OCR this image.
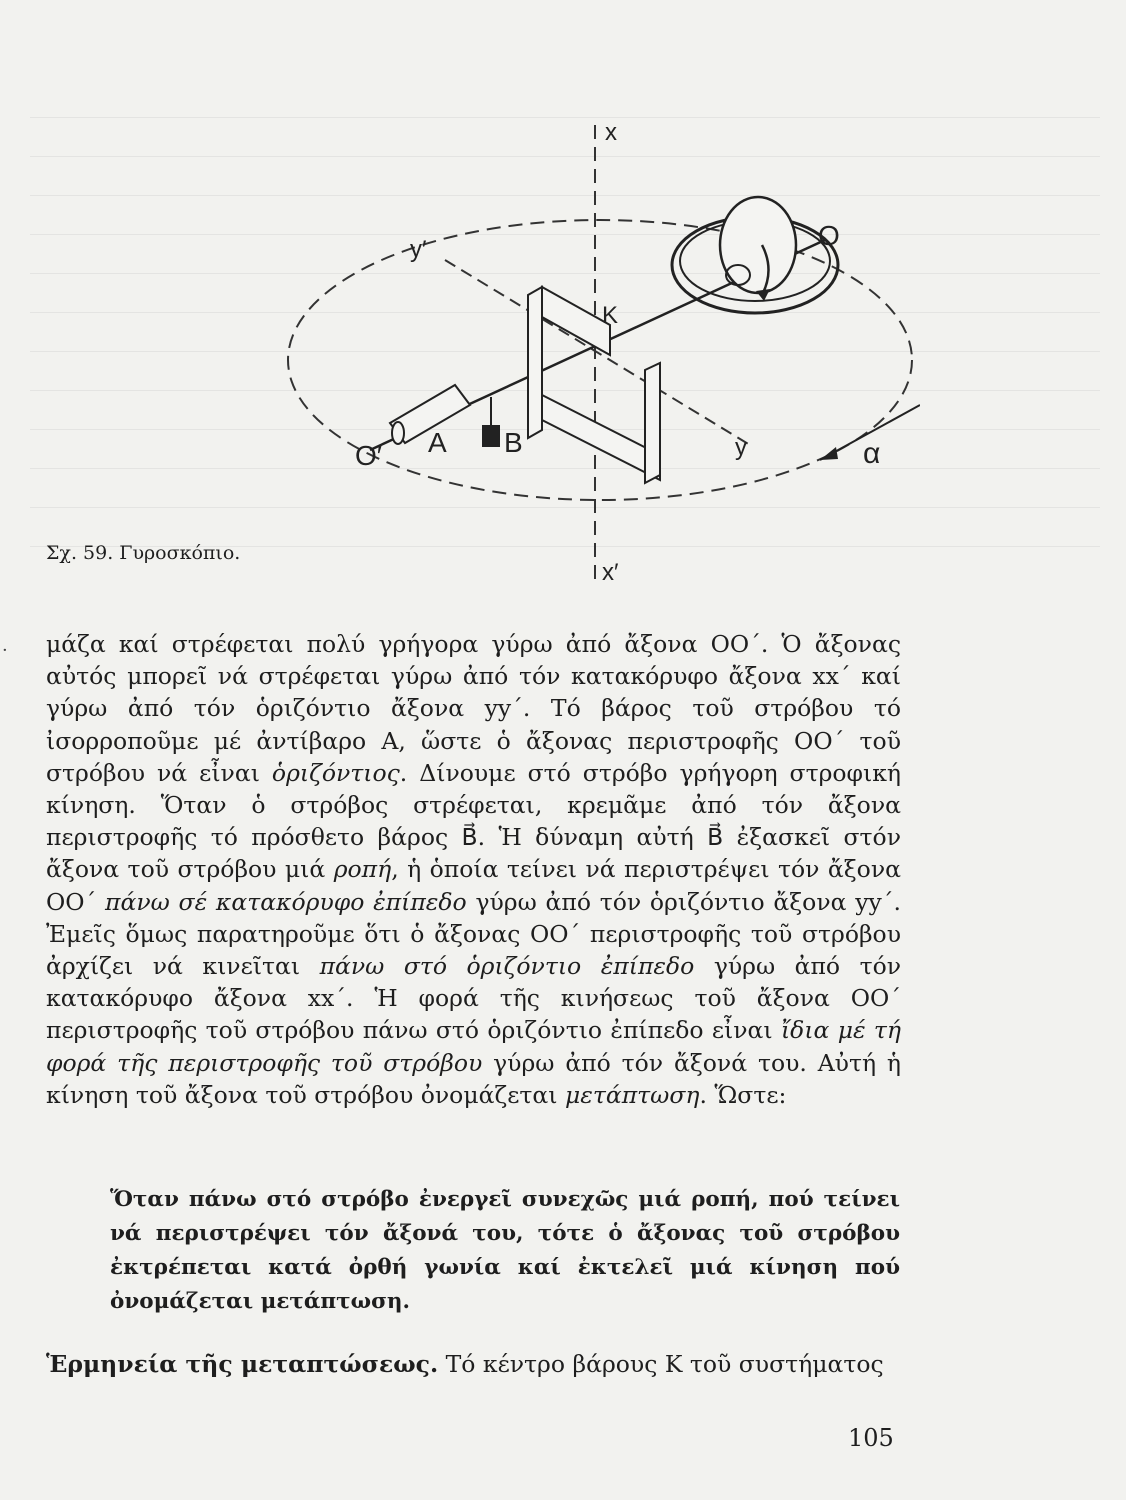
·
x
x′
y′
y
O
O′
K
A B	α
Σχ. 59. Γυροσκόπιο.

μάζα καί στρέφεται πολύ γρήγορα γύρω ἀπό ἄξονα ΟΟ΄. Ὁ ἄξονας αὐτός μπορεῖ νά στρέφεται γύρω ἀπό τόν κατακόρυφο ἄξονα xx΄ καί γύρω ἀπό τόν ὁριζόντιο ἄξονα yy΄. Τό βάρος τοῦ στρόβου τό ἰσορροποῦμε μέ ἀντίβαρο Α, ὥστε ὁ ἄξονας περιστροφῆς ΟΟ΄ τοῦ στρόβου νά εἶναι ὁριζόντιος. Δίνουμε στό στρόβο γρήγορη στροφική κίνηση. Ὅταν ὁ στρόβος στρέφεται, κρεμᾶμε ἀπό τόν ἄξονα περιστροφῆς τό πρόσθετο βάρος B⃗. Ἡ δύναμη αὐτή B⃗ ἐξασκεῖ στόν ἄξονα τοῦ στρόβου μιά ροπή, ἡ ὁποία τείνει νά περιστρέψει τόν ἄξονα ΟΟ΄ πάνω σέ κατακόρυφο ἐπίπεδο γύρω ἀπό τόν ὁριζόντιο ἄξονα yy΄. Ἐμεῖς ὅμως παρατηροῦμε ὅτι ὁ ἄξονας ΟΟ΄ περιστροφῆς τοῦ στρόβου ἀρχίζει νά κινεῖται πάνω στό ὁριζόντιο ἐπίπεδο γύρω ἀπό τόν κατακόρυφο ἄξονα xx΄. Ἡ φορά τῆς κινήσεως τοῦ ἄξονα ΟΟ΄ περιστροφῆς τοῦ στρόβου πάνω στό ὁριζόντιο ἐπίπεδο εἶναι ἴδια μέ τή φορά τῆς περιστροφῆς τοῦ στρόβου γύρω ἀπό τόν ἄξονά του. Αὐτή ἡ κίνηση τοῦ ἄξονα τοῦ στρόβου ὀνομάζεται μετάπτωση. Ὥστε:

Ὅταν πάνω στό στρόβο ἐνεργεῖ συνεχῶς μιά ροπή, πού τείνει νά περιστρέψει τόν ἄξονά του, τότε ὁ ἄξονας τοῦ στρόβου ἐκτρέπεται κατά ὀρθή γωνία καί ἐκτελεῖ μιά κίνηση πού ὀνομάζεται μετάπτωση.
Ἑρμηνεία τῆς μεταπτώσεως. Τό κέντρο βάρους Κ τοῦ συστήματος
105
